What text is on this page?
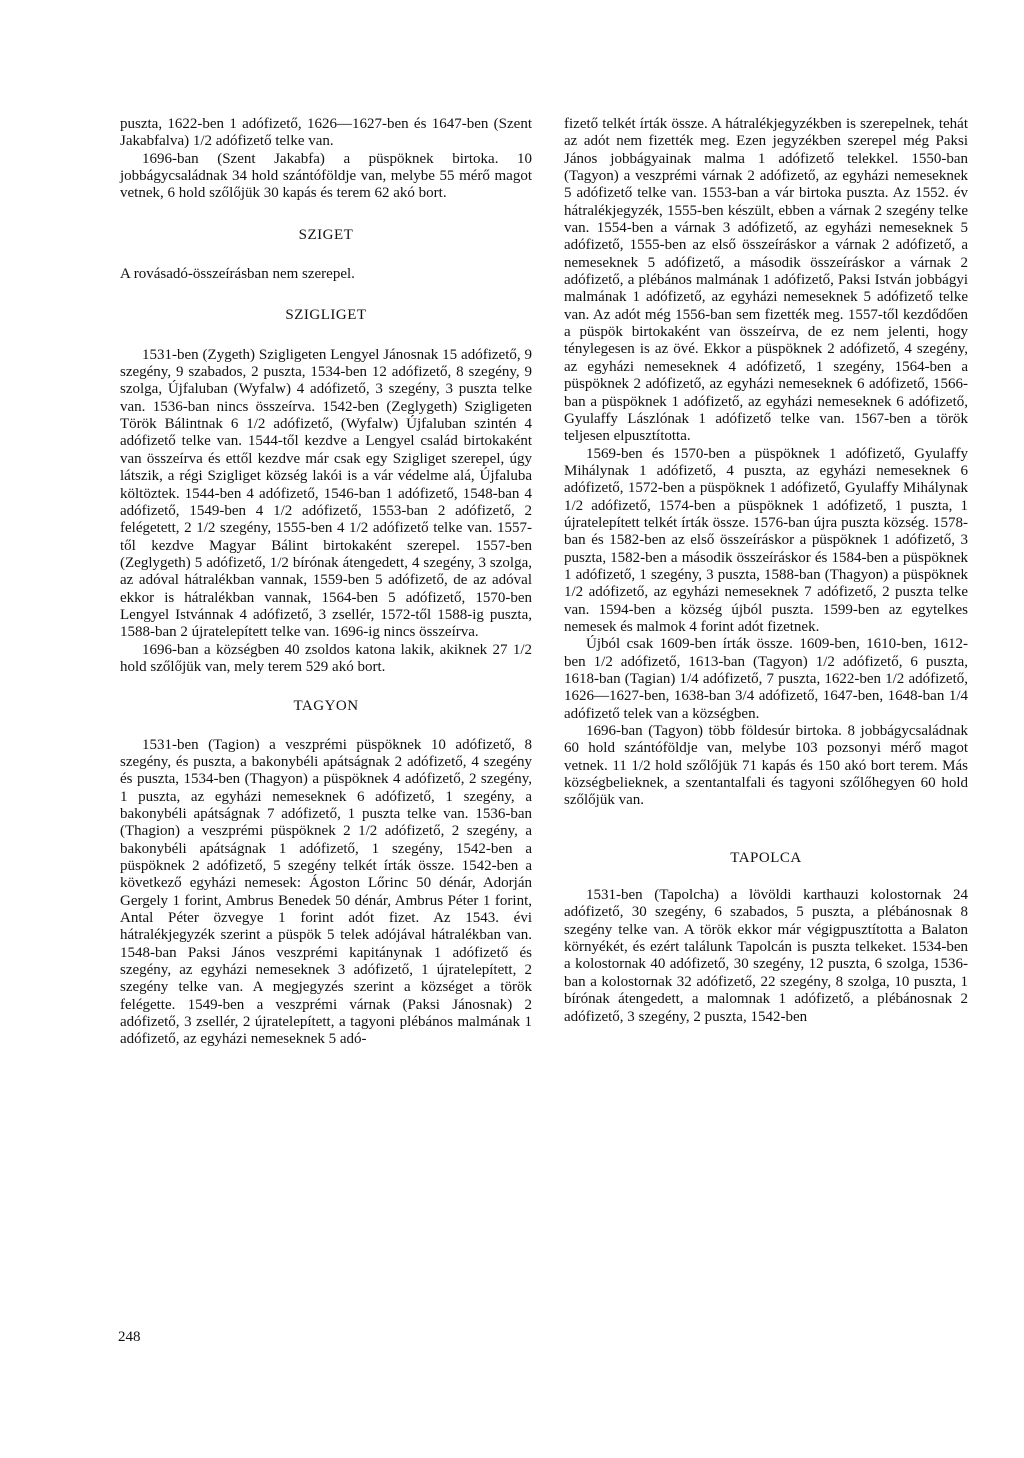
puszta, 1622-ben 1 adófizető, 1626—1627-ben és 1647-ben (Szent Jakabfalva) 1/2 adófizető telke van.

1696-ban (Szent Jakabfa) a püspöknek birtoka. 10 jobbágycsaládnak 34 hold szántóföldje van, melybe 55 mérő magot vetnek, 6 hold szőlőjük 30 kapás és terem 62 akó bort.

SZIGET

A rovásadó-összeírásban nem szerepel.

SZIGLIGET

1531-ben (Zygeth) Szigligeten Lengyel Jánosnak 15 adófizető, 9 szegény, 9 szabados, 2 puszta, 1534-ben 12 adófizető, 8 szegény, 9 szolga, Újfaluban (Wyfalw) 4 adófizető, 3 szegény, 3 puszta telke van. 1536-ban nincs összeírva. 1542-ben (Zeglygeth) Szigligeten Török Bálintnak 6 1/2 adófizető, (Wyfalw) Újfaluban szintén 4 adófizető telke van. 1544-től kezdve a Lengyel család birtokaként van összeírva és ettől kezdve már csak egy Szigliget szerepel, úgy látszik, a régi Szigliget község lakói is a vár védelme alá, Újfaluba költöztek. 1544-ben 4 adófizető, 1546-ban 1 adófizető, 1548-ban 4 adófizető, 1549-ben 4 1/2 adófizető, 1553-ban 2 adófizető, 2 felégetett, 2 1/2 szegény, 1555-ben 4 1/2 adófizető telke van. 1557-től kezdve Magyar Bálint birtokaként szerepel. 1557-ben (Zeglygeth) 5 adófizető, 1/2 bírónak átengedett, 4 szegény, 3 szolga, az adóval hátralékban vannak, 1559-ben 5 adófizető, de az adóval ekkor is hátralékban vannak, 1564-ben 5 adófizető, 1570-ben Lengyel Istvánnak 4 adófizető, 3 zsellér, 1572-től 1588-ig puszta, 1588-ban 2 újratelepített telke van. 1696-ig nincs összeírva.

1696-ban a községben 40 zsoldos katona lakik, akiknek 27 1/2 hold szőlőjük van, mely terem 529 akó bort.

TAGYON

1531-ben (Tagion) a veszprémi püspöknek 10 adófizető, 8 szegény, és puszta, a bakonybéli apátságnak 2 adófizető, 4 szegény és puszta, 1534-ben (Thagyon) a püspöknek 4 adófizető, 2 szegény, 1 puszta, az egyházi nemeseknek 6 adófizető, 1 szegény, a bakonybéli apátságnak 7 adófizető, 1 puszta telke van. 1536-ban (Thagion) a veszprémi püspöknek 2 1/2 adófizető, 2 szegény, a bakonybéli apátságnak 1 adófizető, 1 szegény, 1542-ben a püspöknek 2 adófizető, 5 szegény telkét írták össze. 1542-ben a következő egyházi nemesek: Ágoston Lőrinc 50 dénár, Adorján Gergely 1 forint, Ambrus Benedek 50 dénár, Ambrus Péter 1 forint, Antal Péter özvegye 1 forint adót fizet. Az 1543. évi hátralékjegyzék szerint a püspök 5 telek adójával hátralékban van. 1548-ban Paksi János veszprémi kapitánynak 1 adófizető és szegény, az egyházi nemeseknek 3 adófizető, 1 újratelepített, 2 szegény telke van. A megjegyzés szerint a községet a török felégette. 1549-ben a veszprémi várnak (Paksi Jánosnak) 2 adófizető, 3 zsellér, 2 újratelepített, a tagyoni plébános malmának 1 adófizető, az egyházi nemeseknek 5 adó-

fizető telkét írták össze. A hátralékjegyzékben is szerepelnek, tehát az adót nem fizették meg. Ezen jegyzékben szerepel még Paksi János jobbágyainak malma 1 adófizető telekkel. 1550-ban (Tagyon) a veszprémi várnak 2 adófizető, az egyházi nemeseknek 5 adófizető telke van. 1553-ban a vár birtoka puszta. Az 1552. év hátralékjegyzék, 1555-ben készült, ebben a várnak 2 szegény telke van. 1554-ben a várnak 3 adófizető, az egyházi nemeseknek 5 adófizető, 1555-ben az első összeíráskor a várnak 2 adófizető, a nemeseknek 5 adófizető, a második összeíráskor a várnak 2 adófizető, a plébános malmának 1 adófizető, Paksi István jobbágyi malmának 1 adófizető, az egyházi nemeseknek 5 adófizető telke van. Az adót még 1556-ban sem fizették meg. 1557-től kezdődően a püspök birtokaként van összeírva, de ez nem jelenti, hogy ténylegesen is az övé. Ekkor a püspöknek 2 adófizető, 4 szegény, az egyházi nemeseknek 4 adófizető, 1 szegény, 1564-ben a püspöknek 2 adófizető, az egyházi nemeseknek 6 adófizető, 1566-ban a püspöknek 1 adófizető, az egyházi nemeseknek 6 adófizető, Gyulaffy Lászlónak 1 adófizető telke van. 1567-ben a török teljesen elpusztította.

1569-ben és 1570-ben a püspöknek 1 adófizető, Gyulaffy Mihálynak 1 adófizető, 4 puszta, az egyházi nemeseknek 6 adófizető, 1572-ben a püspöknek 1 adófizető, Gyulaffy Mihálynak 1/2 adófizető, 1574-ben a püspöknek 1 adófizető, 1 puszta, 1 újratelepített telkét írták össze. 1576-ban újra puszta község. 1578-ban és 1582-ben az első összeíráskor a püspöknek 1 adófizető, 3 puszta, 1582-ben a második összeíráskor és 1584-ben a püspöknek 1 adófizető, 1 szegény, 3 puszta, 1588-ban (Thagyon) a püspöknek 1/2 adófizető, az egyházi nemeseknek 7 adófizető, 2 puszta telke van. 1594-ben a község újból puszta. 1599-ben az egytelkes nemesek és malmok 4 forint adót fizetnek.

Újból csak 1609-ben írták össze. 1609-ben, 1610-ben, 1612-ben 1/2 adófizető, 1613-ban (Tagyon) 1/2 adófizető, 6 puszta, 1618-ban (Tagian) 1/4 adófizető, 7 puszta, 1622-ben 1/2 adófizető, 1626—1627-ben, 1638-ban 3/4 adófizető, 1647-ben, 1648-ban 1/4 adófizető telek van a községben.

1696-ban (Tagyon) több földesúr birtoka. 8 jobbágycsaládnak 60 hold szántóföldje van, melybe 103 pozsonyi mérő magot vetnek. 11 1/2 hold szőlőjük 71 kapás és 150 akó bort terem. Más községbelieknek, a szentantalfali és tagyoni szőlőhegyen 60 hold szőlőjük van.

TAPOLCA

1531-ben (Tapolcha) a lövöldi karthauzi kolostornak 24 adófizető, 30 szegény, 6 szabados, 5 puszta, a plébánosnak 8 szegény telke van. A török ekkor már végigpusztította a Balaton környékét, és ezért találunk Tapolcán is puszta telkeket. 1534-ben a kolostornak 40 adófizető, 30 szegény, 12 puszta, 6 szolga, 1536-ban a kolostornak 32 adófizető, 22 szegény, 8 szolga, 10 puszta, 1 bírónak átengedett, a malomnak 1 adófizető, a plébánosnak 2 adófizető, 3 szegény, 2 puszta, 1542-ben

248
